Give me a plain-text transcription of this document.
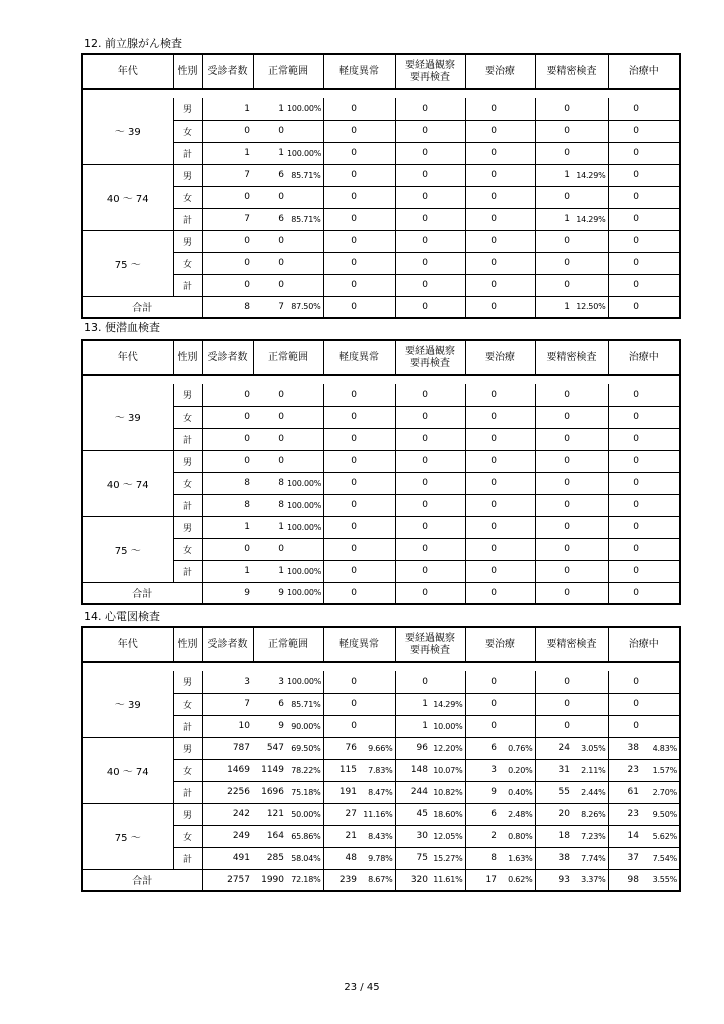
12. 前立腺がん検査
年代	性別	受診者数	正常範囲		軽度異常		要経過観察
要再検査		要治療		要精密検査		治療中	

～ 39	男	1	1	100.00%	0		0		0		0		0	
	女	0	0		0		0		0		0		0	
	計	1	1	100.00%	0		0		0		0		0	
40 ～ 74	男	7	6	85.71%	0		0		0		1	14.29%	0	
	女	0	0		0		0		0		0		0	
	計	7	6	85.71%	0		0		0		1	14.29%	0	
75 ～	男	0	0		0		0		0		0		0	
	女	0	0		0		0		0		0		0	
	計	0	0		0		0		0		0		0	
合計		8	7	87.50%	0		0		0		1	12.50%	0	
13. 便潜血検査
年代	性別	受診者数	正常範囲		軽度異常		要経過観察
要再検査		要治療		要精密検査		治療中	

～ 39	男	0	0		0		0		0		0		0	
	女	0	0		0		0		0		0		0	
	計	0	0		0		0		0		0		0	
40 ～ 74	男	0	0		0		0		0		0		0	
	女	8	8	100.00%	0		0		0		0		0	
	計	8	8	100.00%	0		0		0		0		0	
75 ～	男	1	1	100.00%	0		0		0		0		0	
	女	0	0		0		0		0		0		0	
	計	1	1	100.00%	0		0		0		0		0	
合計		9	9	100.00%	0		0		0		0		0	
14. 心電図検査
年代	性別	受診者数	正常範囲		軽度異常		要経過観察
要再検査		要治療		要精密検査		治療中	

～ 39	男	3	3	100.00%	0		0		0		0		0	
	女	7	6	85.71%	0		1	14.29%	0		0		0	
	計	10	9	90.00%	0		1	10.00%	0		0		0	
40 ～ 74	男	787	547	69.50%	76	9.66%	96	12.20%	6	0.76%	24	3.05%	38	4.83%
	女	1469	1149	78.22%	115	7.83%	148	10.07%	3	0.20%	31	2.11%	23	1.57%
	計	2256	1696	75.18%	191	8.47%	244	10.82%	9	0.40%	55	2.44%	61	2.70%
75 ～	男	242	121	50.00%	27	11.16%	45	18.60%	6	2.48%	20	8.26%	23	9.50%
	女	249	164	65.86%	21	8.43%	30	12.05%	2	0.80%	18	7.23%	14	5.62%
	計	491	285	58.04%	48	9.78%	75	15.27%	8	1.63%	38	7.74%	37	7.54%
合計		2757	1990	72.18%	239	8.67%	320	11.61%	17	0.62%	93	3.37%	98	3.55%
23 / 45
